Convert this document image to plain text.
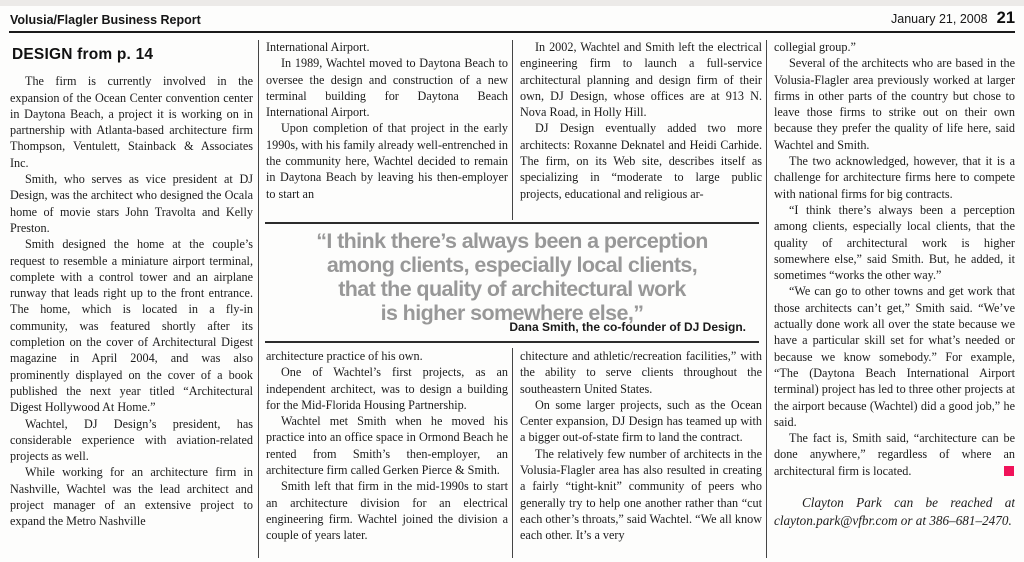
Volusia/Flagler Business Report	January 21, 2008 21
DESIGN from p. 14

The firm is currently involved in the expansion of the Ocean Center convention center in Daytona Beach, a project it is working on in partnership with Atlanta-based architecture firm Thompson, Ventulett, Stainback & Associates Inc.

Smith, who serves as vice president at DJ Design, was the architect who designed the Ocala home of movie stars John Travolta and Kelly Preston.

Smith designed the home at the couple’s request to resemble a miniature airport terminal, complete with a control tower and an airplane runway that leads right up to the front entrance. The home, which is located in a fly-in community, was featured shortly after its completion on the cover of Architectural Digest magazine in April 2004, and was also prominently displayed on the cover of a book published the next year titled “Architectural Digest Hollywood At Home.”

Wachtel, DJ Design’s president, has considerable experience with aviation-related projects as well.

While working for an architecture firm in Nashville, Wachtel was the lead architect and project manager of an extensive project to expand the Metro Nashville

International Airport.

In 1989, Wachtel moved to Daytona Beach to oversee the design and construction of a new terminal building for Daytona Beach International Airport.

Upon completion of that project in the early 1990s, with his family already well-entrenched in the community here, Wachtel decided to remain in Daytona Beach by leaving his then-employer to start an

In 2002, Wachtel and Smith left the electrical engineering firm to launch a full-service architectural planning and design firm of their own, DJ Design, whose offices are at 913 N. Nova Road, in Holly Hill.

DJ Design eventually added two more architects: Roxanne Deknatel and Heidi Carhide. The firm, on its Web site, describes itself as specializing in “moderate to large public projects, educational and religious ar-

“I think there’s always been a perception

among clients, especially local clients,

that the quality of architectural work

is higher somewhere else,”

Dana Smith, the co-founder of DJ Design.

architecture practice of his own.

One of Wachtel’s first projects, as an independent architect, was to design a building for the Mid-Florida Housing Partnership.

Wachtel met Smith when he moved his practice into an office space in Ormond Beach he rented from Smith’s then-employer, an architecture firm called Gerken Pierce & Smith.

Smith left that firm in the mid-1990s to start an architecture division for an electrical engineering firm. Wachtel joined the division a couple of years later.

chitecture and athletic/recreation facilities,” with the ability to serve clients throughout the southeastern United States.

On some larger projects, such as the Ocean Center expansion, DJ Design has teamed up with a bigger out-of-state firm to land the contract.

The relatively few number of architects in the Volusia-Flagler area has also resulted in creating a fairly “tight-knit” community of peers who generally try to help one another rather than “cut each other’s throats,” said Wachtel. “We all know each other. It’s a very

collegial group.”

Several of the architects who are based in the Volusia-Flagler area previously worked at larger firms in other parts of the country but chose to leave those firms to strike out on their own because they prefer the quality of life here, said Wachtel and Smith.

The two acknowledged, however, that it is a challenge for architecture firms here to compete with national firms for big contracts.

“I think there’s always been a perception among clients, especially local clients, that the quality of architectural work is higher somewhere else,” said Smith. But, he added, it sometimes “works the other way.”

“We can go to other towns and get work that those architects can’t get,” Smith said. “We’ve actually done work all over the state because we have a particular skill set for what’s needed or because we know somebody.” For example, “The (Daytona Beach International Airport terminal) project has led to three other projects at the airport because (Wachtel) did a good job,” he said.

The fact is, Smith said, “architecture can be done anywhere,” regardless of where an architectural firm is located.

Clayton Park can be reached at clayton.park@vfbr.com or at 386–681–2470.
